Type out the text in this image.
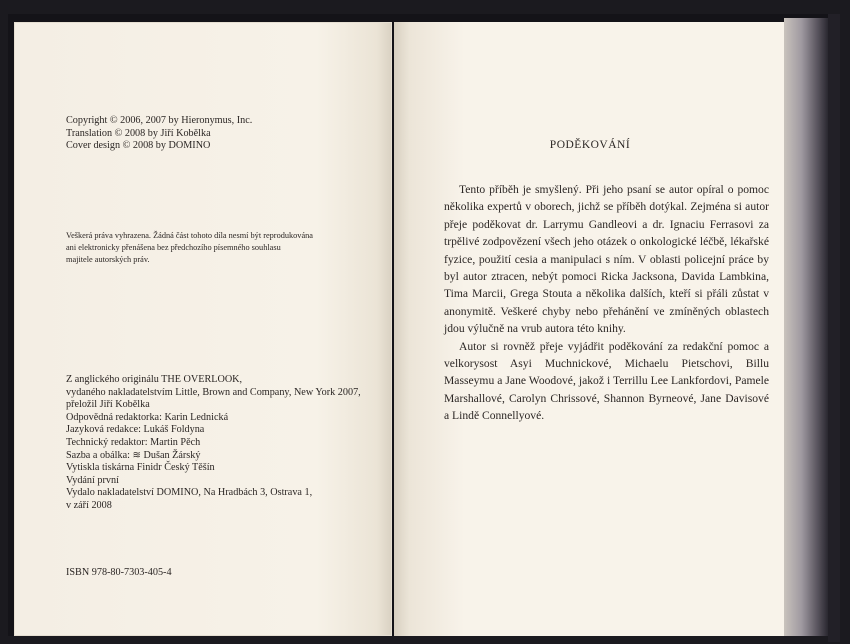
Copyright © 2006, 2007 by Hieronymus, Inc.
Translation © 2008 by Jiří Kobělka
Cover design © 2008 by DOMINO
Veškerá práva vyhrazena. Žádná část tohoto díla nesmí být reprodukována
ani elektronicky přenášena bez předchozího písemného souhlasu
majitele autorských práv.
Z anglického originálu THE OVERLOOK,
vydaného nakladatelstvím Little, Brown and Company, New York 2007,
přeložil Jiří Kobělka
Odpovědná redaktorka: Karin Lednická
Jazyková redakce: Lukáš Foldyna
Technický redaktor: Martin Pěch
Sazba a obálka: ≋ Dušan Žárský
Vytiskla tiskárna Finidr Český Těšín
Vydání první
Vydalo nakladatelství DOMINO, Na Hradbách 3, Ostrava 1,
v září 2008
ISBN 978-80-7303-405-4
PODĚKOVÁNÍ

Tento příběh je smyšlený. Při jeho psaní se autor opíral o pomoc několika expertů v oborech, jichž se příběh dotýkal. Zejména si autor přeje poděkovat dr. Larrymu Gandleovi a dr. Ignaciu Ferrasovi za trpělivé zodpovězení všech jeho otázek o onkologické léčbě, lékařské fyzice, použití cesia a manipulaci s ním. V oblasti policejní práce by byl autor ztracen, nebýt pomoci Ricka Jacksona, Davida Lambkina, Tima Marcii, Grega Stouta a několika dalších, kteří si přáli zůstat v anonymitě. Veškeré chyby nebo přehánění ve zmíněných oblastech jdou výlučně na vrub autora této knihy.

Autor si rovněž přeje vyjádřit poděkování za redakční pomoc a velkorysost Asyi Muchnickové, Michaelu Pietschovi, Billu Masseymu a Jane Woodové, jakož i Terrillu Lee Lankfordovi, Pamele Marshallové, Carolyn Chrissové, Shannon Byrneové, Jane Davisové a Lindě Connellyové.
